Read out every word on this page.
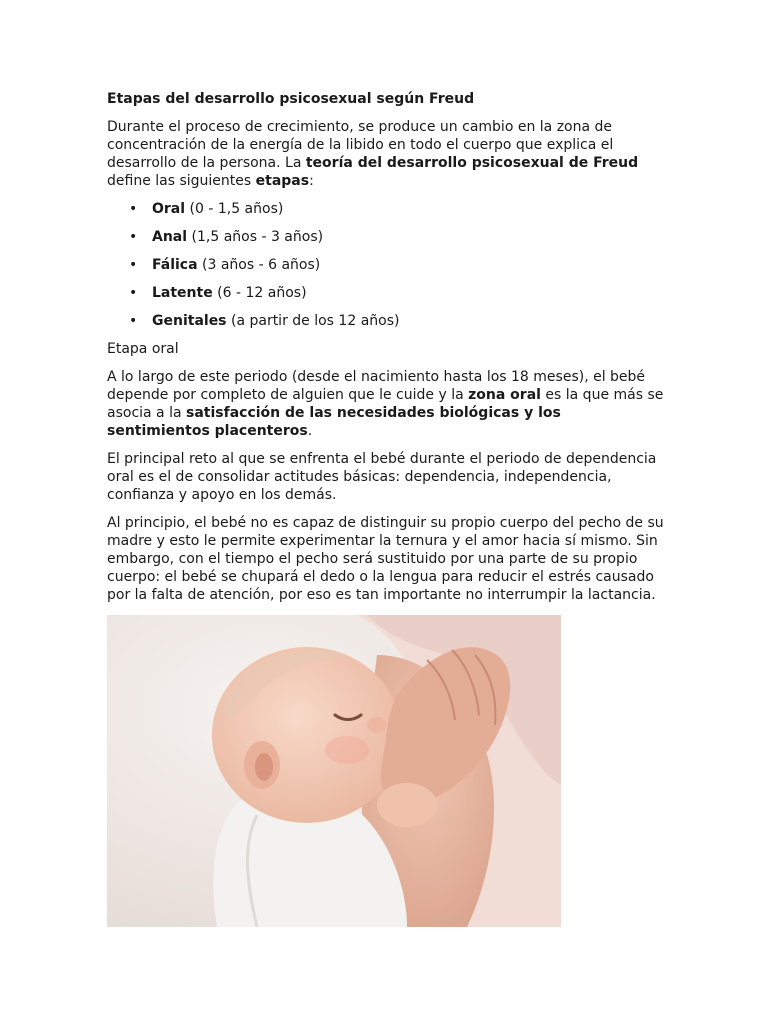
Etapas del desarrollo psicosexual según Freud

Durante el proceso de crecimiento, se produce un cambio en la zona de concentración de la energía de la libido en todo el cuerpo que explica el desarrollo de la persona. La teoría del desarrollo psicosexual de Freud define las siguientes etapas:

• Oral (0 - 1,5 años)
• Anal (1,5 años - 3 años)
• Fálica (3 años - 6 años)
• Latente (6 - 12 años)
• Genitales (a partir de los 12 años)
Etapa oral

A lo largo de este periodo (desde el nacimiento hasta los 18 meses), el bebé depende por completo de alguien que le cuide y la zona oral es la que más se asocia a la satisfacción de las necesidades biológicas y los sentimientos placenteros.

El principal reto al que se enfrenta el bebé durante el periodo de dependencia oral es el de consolidar actitudes básicas: dependencia, independencia, confianza y apoyo en los demás.

Al principio, el bebé no es capaz de distinguir su propio cuerpo del pecho de su madre y esto le permite experimentar la ternura y el amor hacia sí mismo. Sin embargo, con el tiempo el pecho será sustituido por una parte de su propio cuerpo: el bebé se chupará el dedo o la lengua para reducir el estrés causado por la falta de atención, por eso es tan importante no interrumpir la lactancia.
